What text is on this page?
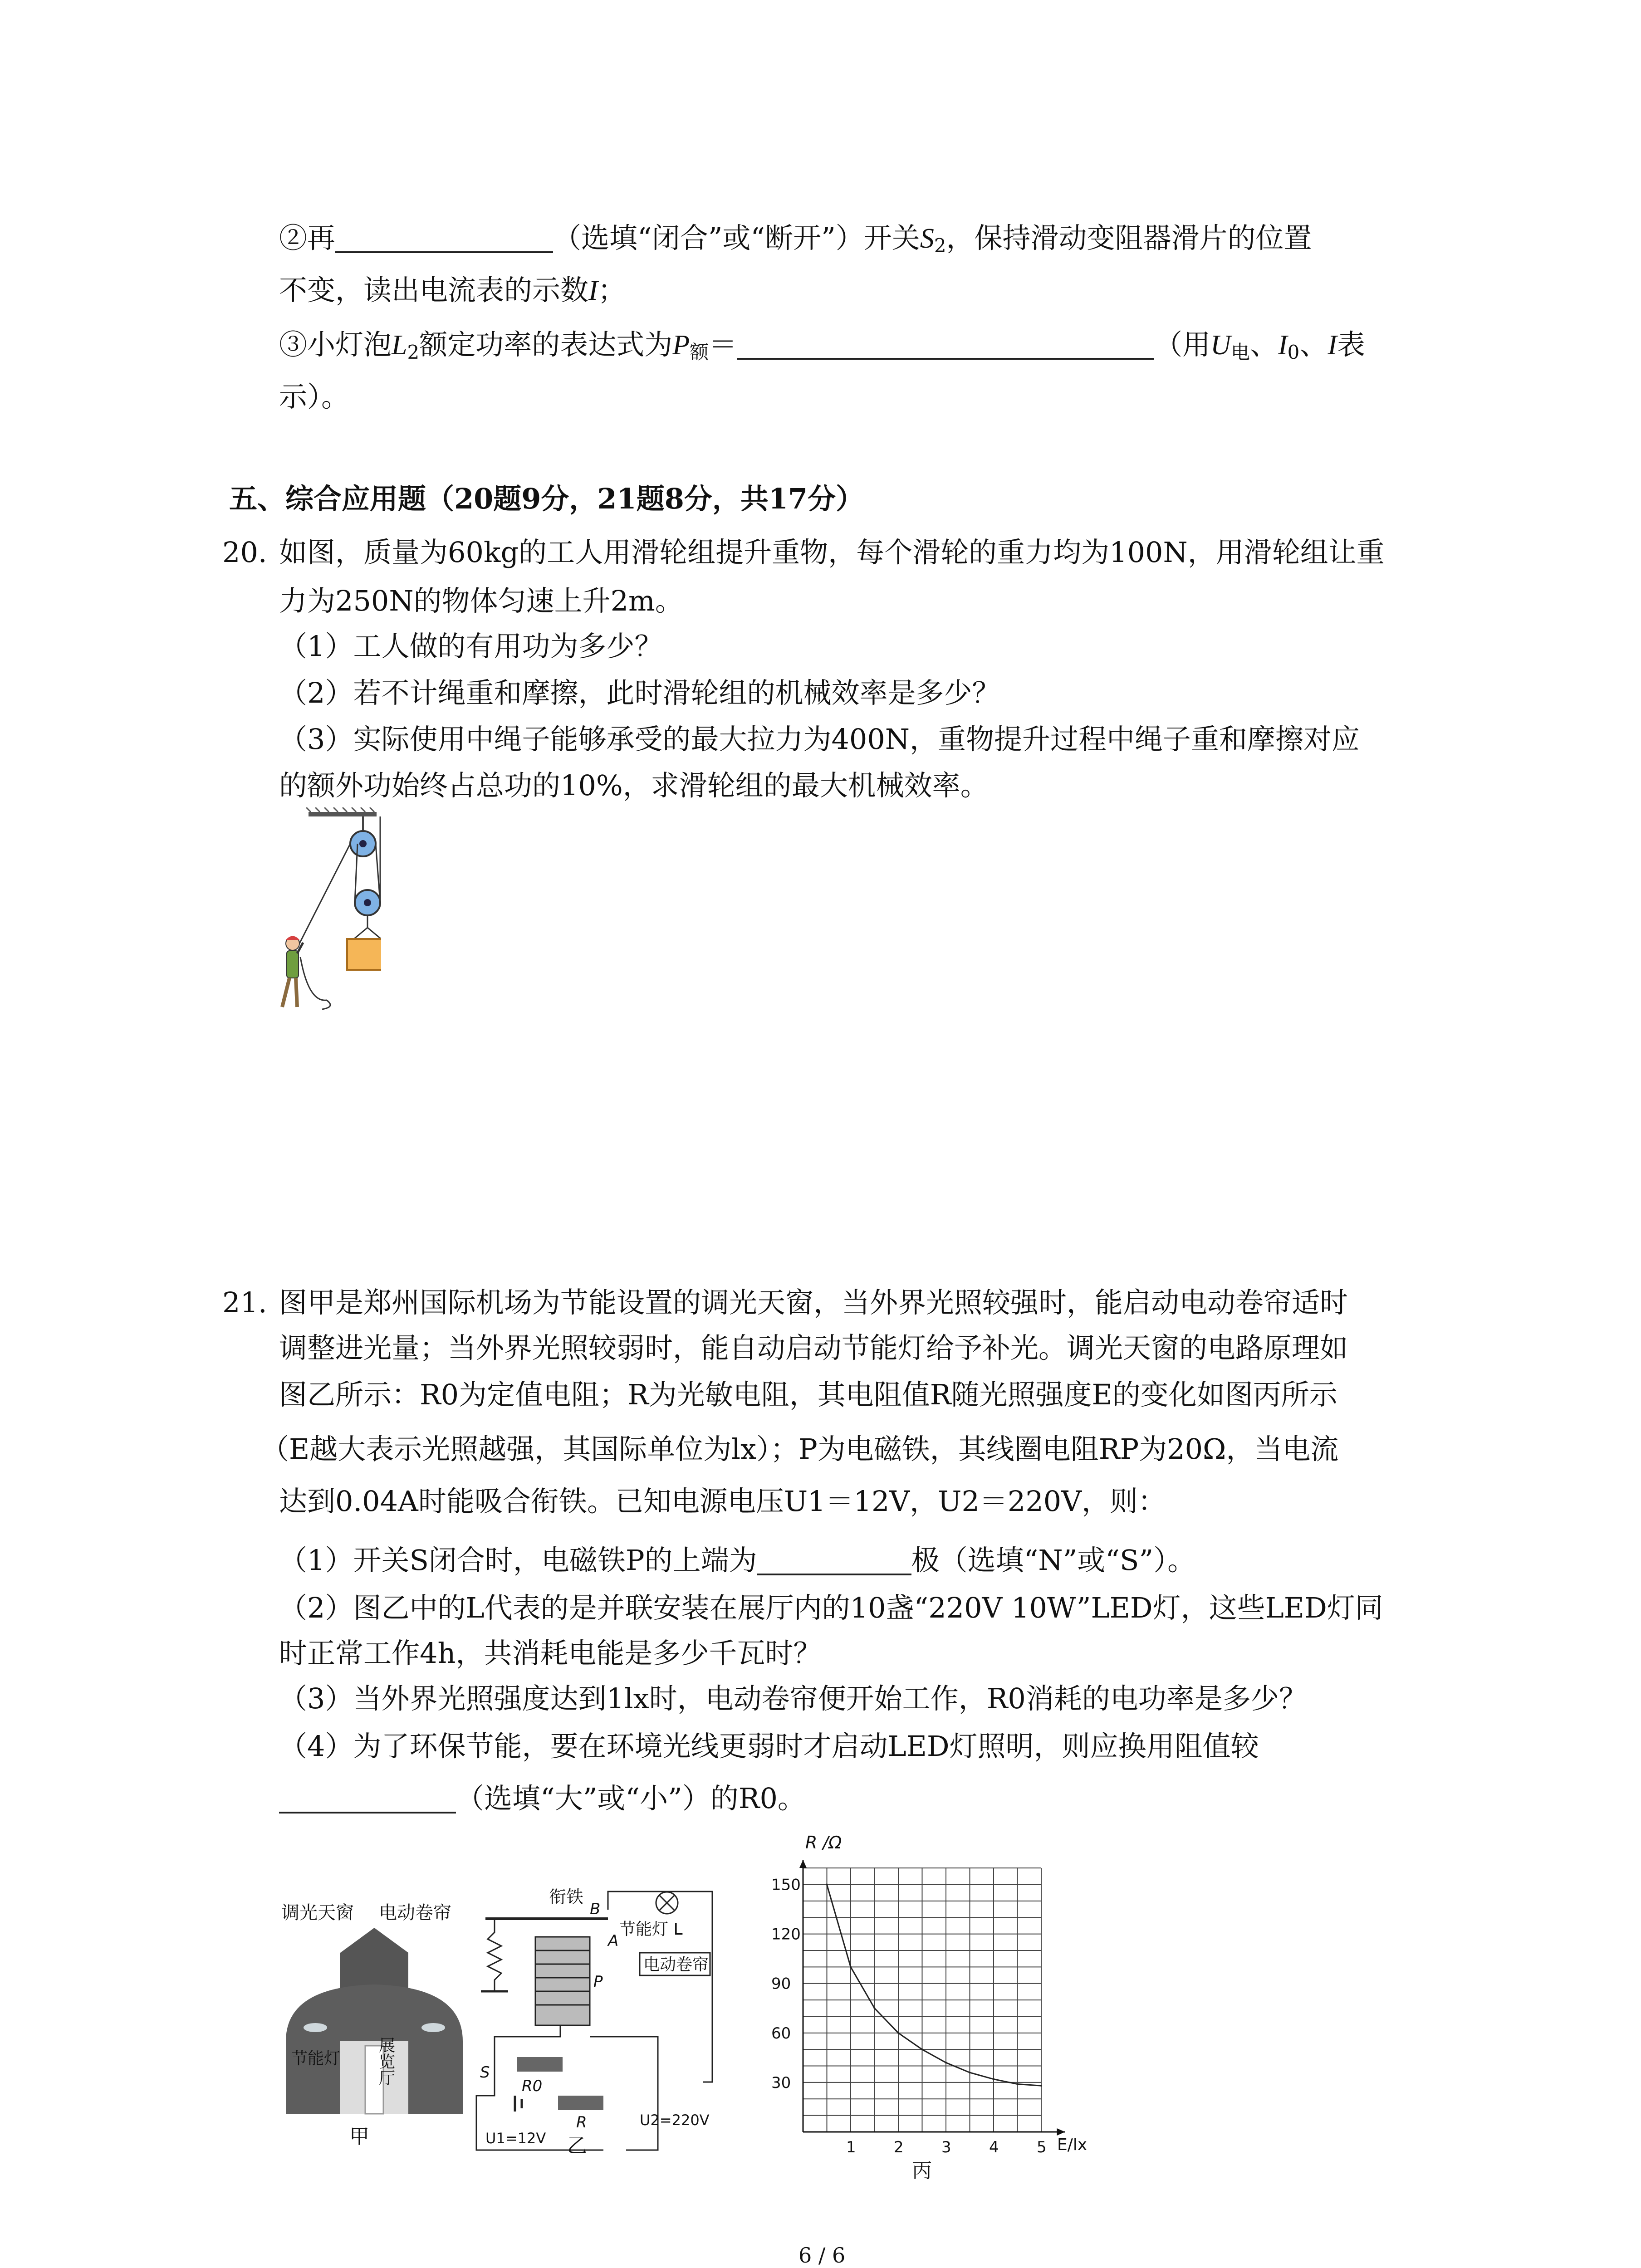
②再	（选填“闭合”或“断开”）开关$S_2$，保持滑动变阻器滑片的位置
不变，读出电流表的示数I；
③小灯泡$L_2$额定功率的表达式为$P_额=$	（用$U_电$、$I_0$、I表
示）。
五、综合应用题（20题9分，21题8分，共17分）
20. 如图，质量为60kg的工人用滑轮组提升重物，每个滑轮的重力均为100N，用滑轮组让重
力为250N的物体匀速上升2m。
（1）工人做的有用功为多少？
（2）若不计绳重和摩擦，此时滑轮组的机械效率是多少？
（3）实际使用中绳子能够承受的最大拉力为400N，重物提升过程中绳子重和摩擦对应
的额外功始终占总功的10%，求滑轮组的最大机械效率。
21. 图甲是郑州国际机场为节能设置的调光天窗，当外界光照较强时，能启动电动卷帘适时
调整进光量；当外界光照较弱时，能自动启动节能灯给予补光。调光天窗的电路原理如
图乙所示：R0为定值电阻；R为光敏电阻，其电阻值R随光照强度E的变化如图丙所示
（E越大表示光照越强，其国际单位为lx）；P为电磁铁，其线圈电阻RP为20Ω，当电流
达到0.04A时能吸合衔铁。已知电源电压U1＝12V，U2＝220V，则：
（1）开关S闭合时，电磁铁P的上端为	极（选填“N”或“S”）。
（2）图乙中的L代表的是并联安装在展厅内的10盏“220V 10W”LED灯，这些LED灯同
时正常工作4h，共消耗电能是多少千瓦时？
（3）当外界光照强度达到1lx时，电动卷帘便开始工作，R0消耗的电功率是多少？
（4）为了环保节能，要在环境光线更弱时才启动LED灯照明，则应换用阻值较
（选填“大”或“小”）的R0。
调光天窗 电动卷帘
节能灯 展览厅
甲
衔铁
B
A
节能灯 L
电动卷帘
P
R0
R
S
U1=12V
U2=220V
乙	1 2 3 4 5
30
60
90
120
150
R /Ω
E/lx
丙
6 / 6
